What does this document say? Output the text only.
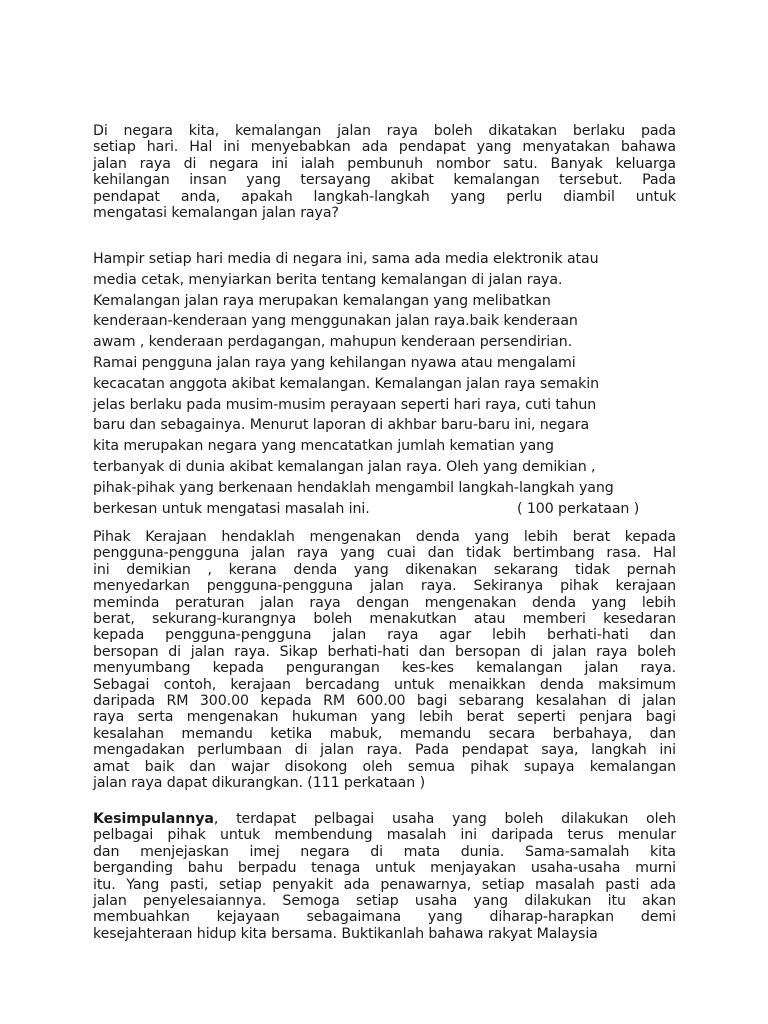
Di negara kita, kemalangan jalan raya boleh dikatakan berlaku pada
setiap hari. Hal ini menyebabkan ada pendapat yang menyatakan bahawa
jalan raya di negara ini ialah pembunuh nombor satu. Banyak keluarga
kehilangan insan yang tersayang akibat kemalangan tersebut. Pada
pendapat anda, apakah langkah-langkah yang perlu diambil untuk
mengatasi kemalangan jalan raya?
Hampir setiap hari media di negara ini, sama ada media elektronik atau
media cetak, menyiarkan berita tentang kemalangan di jalan raya.
Kemalangan jalan raya merupakan kemalangan yang melibatkan
kenderaan-kenderaan yang menggunakan jalan raya.baik kenderaan
awam , kenderaan perdagangan, mahupun kenderaan persendirian.
Ramai pengguna jalan raya yang kehilangan nyawa atau mengalami
kecacatan anggota akibat kemalangan. Kemalangan jalan raya semakin
jelas berlaku pada musim-musim perayaan seperti hari raya, cuti tahun
baru dan sebagainya. Menurut laporan di akhbar baru-baru ini, negara
kita merupakan negara yang mencatatkan jumlah kematian yang
terbanyak di dunia akibat kemalangan jalan raya. Oleh yang demikian ,
pihak-pihak yang berkenaan hendaklah mengambil langkah-langkah yang
berkesan untuk mengatasi masalah ini.	( 100 perkataan )
Pihak Kerajaan hendaklah mengenakan denda yang lebih berat kepada
pengguna-pengguna jalan raya yang cuai dan tidak bertimbang rasa. Hal
ini demikian , kerana denda yang dikenakan sekarang tidak pernah
menyedarkan pengguna-pengguna jalan raya. Sekiranya pihak kerajaan
meminda peraturan jalan raya dengan mengenakan denda yang lebih
berat, sekurang-kurangnya boleh menakutkan atau memberi kesedaran
kepada pengguna-pengguna jalan raya agar lebih berhati-hati dan
bersopan di jalan raya. Sikap berhati-hati dan bersopan di jalan raya boleh
menyumbang kepada pengurangan kes-kes kemalangan jalan raya.
Sebagai contoh, kerajaan bercadang untuk menaikkan denda maksimum
daripada RM 300.00 kepada RM 600.00 bagi sebarang kesalahan di jalan
raya serta mengenakan hukuman yang lebih berat seperti penjara bagi
kesalahan memandu ketika mabuk, memandu secara berbahaya, dan
mengadakan perlumbaan di jalan raya. Pada pendapat saya, langkah ini
amat baik dan wajar disokong oleh semua pihak supaya kemalangan
jalan raya dapat dikurangkan. (111 perkataan )
Kesimpulannya, terdapat pelbagai usaha yang boleh dilakukan oleh
pelbagai pihak untuk membendung masalah ini daripada terus menular
dan menjejaskan imej negara di mata dunia. Sama-samalah kita
berganding bahu berpadu tenaga untuk menjayakan usaha-usaha murni
itu. Yang pasti, setiap penyakit ada penawarnya, setiap masalah pasti ada
jalan penyelesaiannya. Semoga setiap usaha yang dilakukan itu akan
membuahkan kejayaan sebagaimana yang diharap-harapkan demi
kesejahteraan hidup kita bersama. Buktikanlah bahawa rakyat Malaysia
